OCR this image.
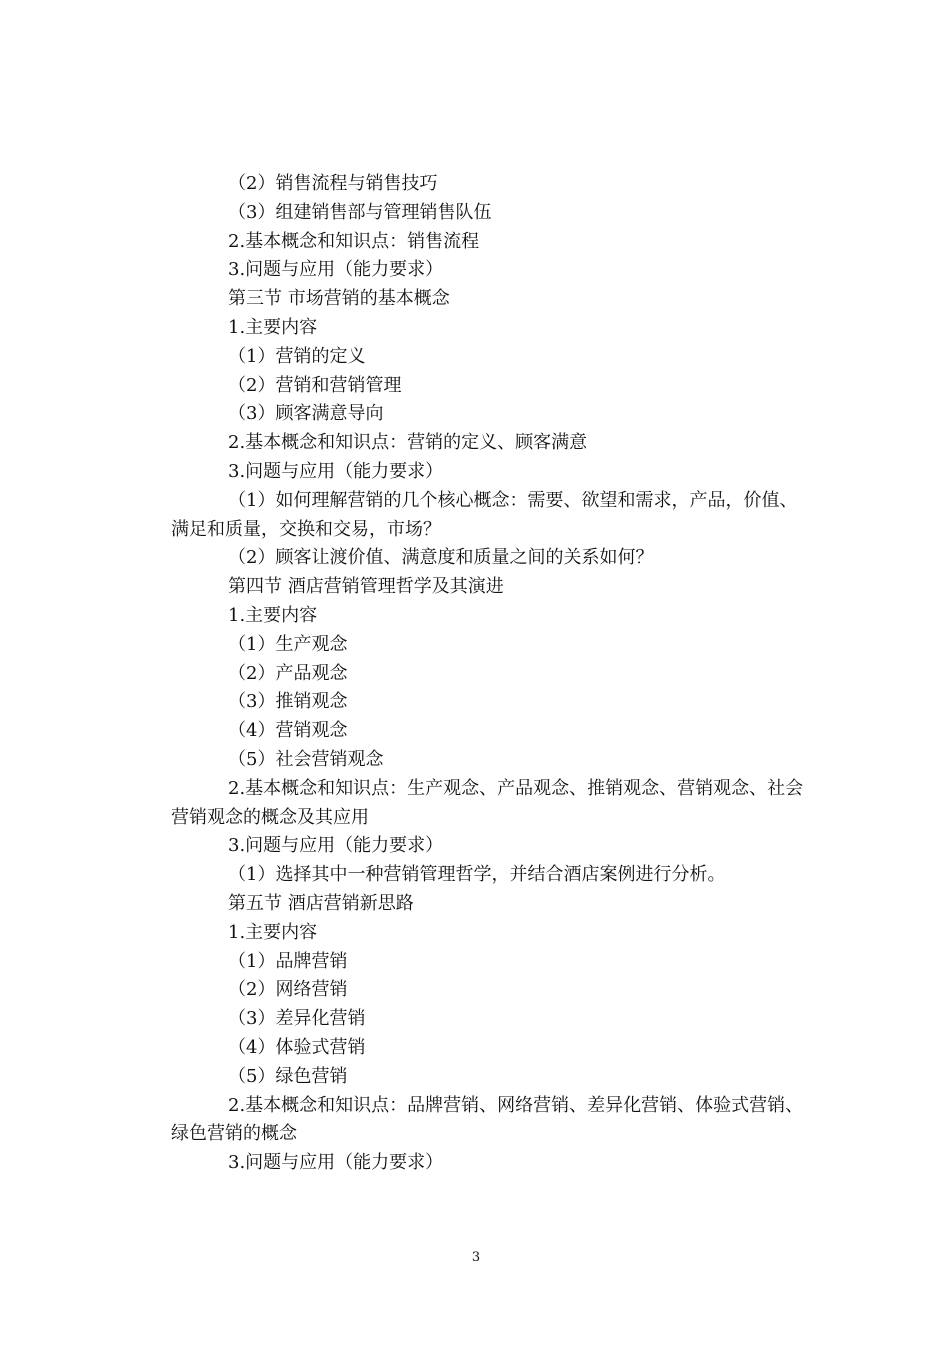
（2）销售流程与销售技巧

（3）组建销售部与管理销售队伍

2.基本概念和知识点：销售流程

3.问题与应用（能力要求）

第三节 市场营销的基本概念

1.主要内容

（1）营销的定义

（2）营销和营销管理

（3）顾客满意导向

2.基本概念和知识点：营销的定义、顾客满意

3.问题与应用（能力要求）

（1）如何理解营销的几个核心概念：需要、欲望和需求，产品，价值、

满足和质量，交换和交易，市场？

（2）顾客让渡价值、满意度和质量之间的关系如何？

第四节 酒店营销管理哲学及其演进

1.主要内容

（1）生产观念

（2）产品观念

（3）推销观念

（4）营销观念

（5）社会营销观念

2.基本概念和知识点：生产观念、产品观念、推销观念、营销观念、社会

营销观念的概念及其应用

3.问题与应用（能力要求）

（1）选择其中一种营销管理哲学，并结合酒店案例进行分析。

第五节 酒店营销新思路

1.主要内容

（1）品牌营销

（2）网络营销

（3）差异化营销

（4）体验式营销

（5）绿色营销

2.基本概念和知识点：品牌营销、网络营销、差异化营销、体验式营销、

绿色营销的概念

3.问题与应用（能力要求）

3
